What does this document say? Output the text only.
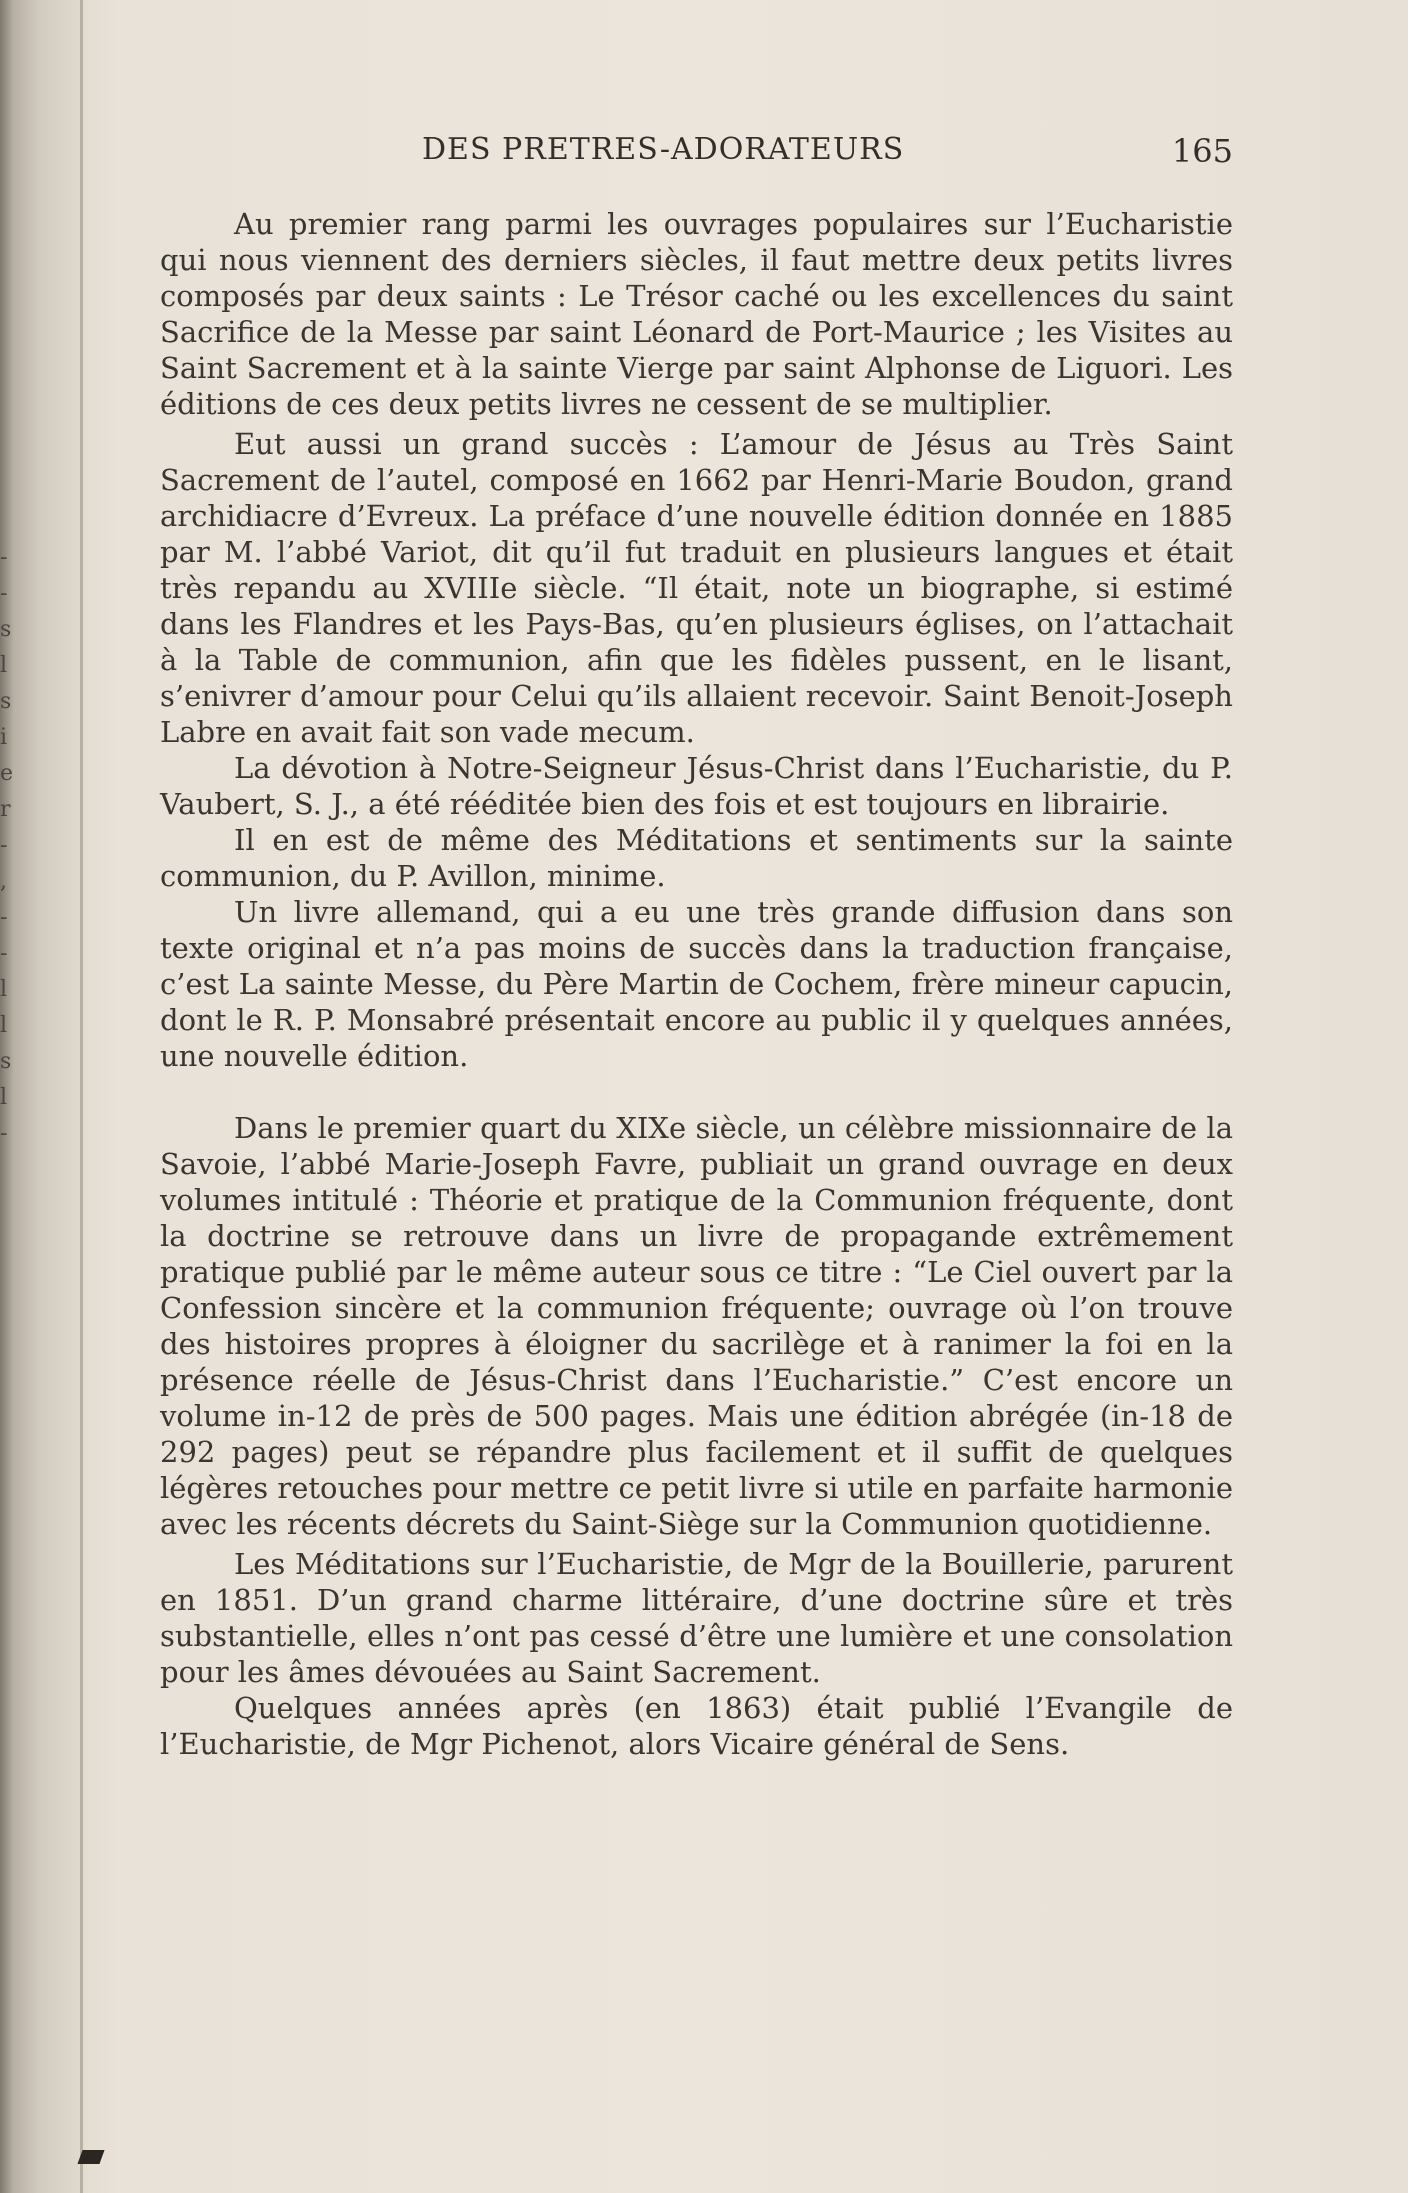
-
-
s
l
s
i
e
r
-
,
-
-
l
l
s
l
-
DES PRETRES-ADORATEURS	165

Au premier rang parmi les ouvrages populaires sur l’Eucharistie qui nous viennent des derniers siècles, il faut mettre deux petits livres composés par deux saints : Le Trésor caché ou les excellences du saint Sacrifice de la Messe par saint Léonard de Port-Maurice ; les Visites au Saint Sacrement et à la sainte Vierge par saint Alphonse de Liguori. Les éditions de ces deux petits livres ne cessent de se multiplier.

Eut aussi un grand succès : L’amour de Jésus au Très Saint Sacrement de l’autel, composé en 1662 par Henri-Marie Boudon, grand archidiacre d’Evreux. La préface d’une nouvelle édition donnée en 1885 par M. l’abbé Variot, dit qu’il fut traduit en plusieurs langues et était très repandu au XVIIIe siècle. “Il était, note un biographe, si estimé dans les Flandres et les Pays-Bas, qu’en plusieurs églises, on l’attachait à la Table de communion, afin que les fidèles pussent, en le lisant, s’enivrer d’amour pour Celui qu’ils allaient recevoir. Saint Benoit-Joseph Labre en avait fait son vade mecum.

La dévotion à Notre-Seigneur Jésus-Christ dans l’Eucharistie, du P. Vaubert, S. J., a été rééditée bien des fois et est toujours en librairie.

Il en est de même des Méditations et sentiments sur la sainte communion, du P. Avillon, minime.

Un livre allemand, qui a eu une très grande diffusion dans son texte original et n’a pas moins de succès dans la traduction française, c’est La sainte Messe, du Père Martin de Cochem, frère mineur capucin, dont le R. P. Monsabré présentait encore au public il y quelques années, une nouvelle édition.

Dans le premier quart du XIXe siècle, un célèbre missionnaire de la Savoie, l’abbé Marie-Joseph Favre, publiait un grand ouvrage en deux volumes intitulé : Théorie et pratique de la Communion fréquente, dont la doctrine se retrouve dans un livre de propagande extrêmement pratique publié par le même auteur sous ce titre : “Le Ciel ouvert par la Confession sincère et la communion fréquente; ouvrage où l’on trouve des histoires propres à éloigner du sacrilège et à ranimer la foi en la présence réelle de Jésus-Christ dans l’Eucharistie.” C’est encore un volume in-12 de près de 500 pages. Mais une édition abrégée (in-18 de 292 pages) peut se répandre plus facilement et il suffit de quelques légères retouches pour mettre ce petit livre si utile en parfaite harmonie avec les récents décrets du Saint-Siège sur la Communion quotidienne.

Les Méditations sur l’Eucharistie, de Mgr de la Bouillerie, parurent en 1851. D’un grand charme littéraire, d’une doctrine sûre et très substantielle, elles n’ont pas cessé d’être une lumière et une consolation pour les âmes dévouées au Saint Sacrement.

Quelques années après (en 1863) était publié l’Evangile de l’Eucharistie, de Mgr Pichenot, alors Vicaire général de Sens.
